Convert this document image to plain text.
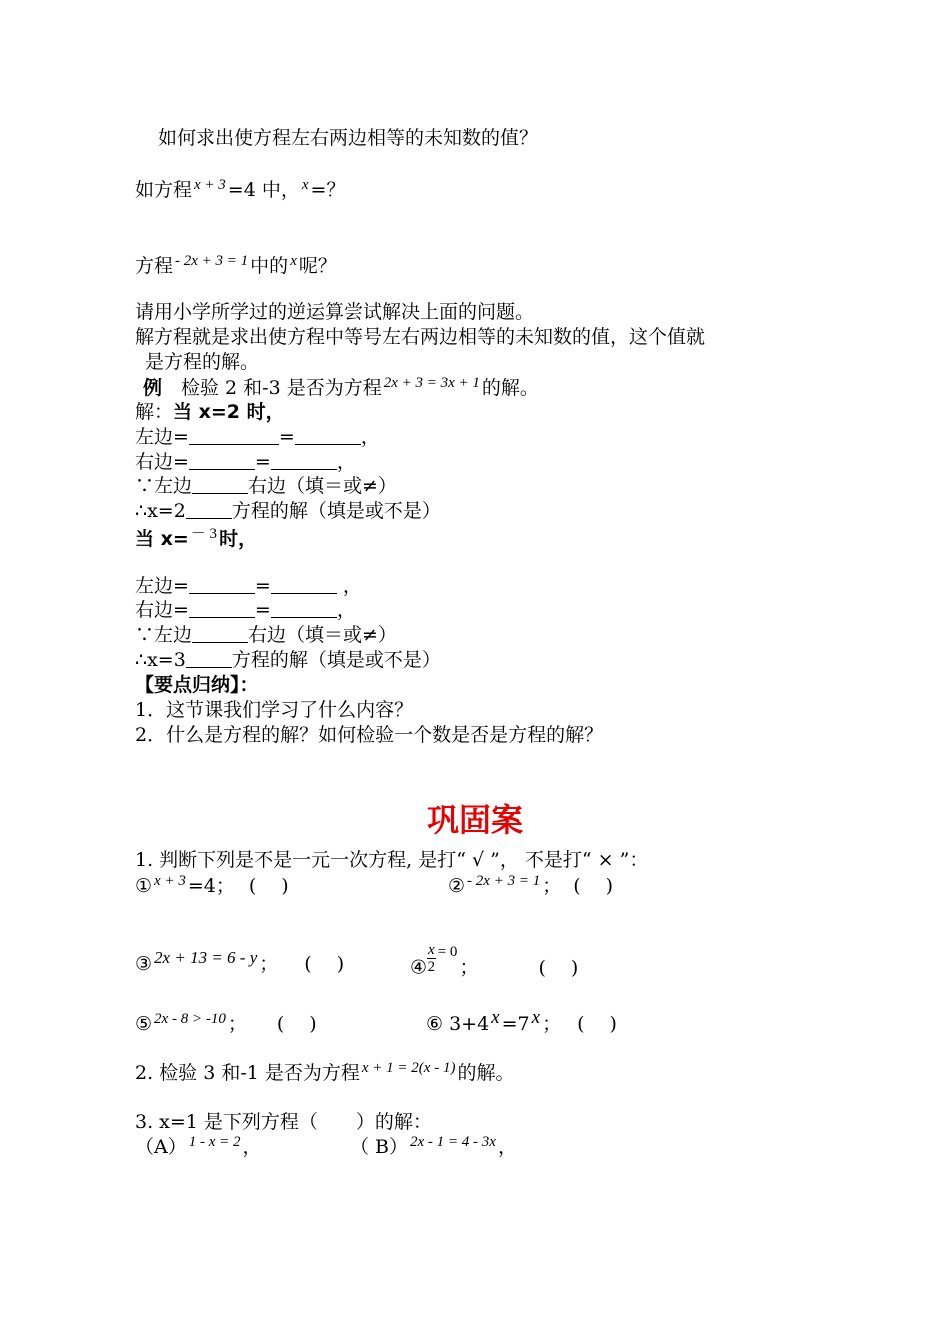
如何求出使方程左右两边相等的未知数的值？
如方程 $^{x + 3}$ =4 中， $^x$ =？
方程 $^{- 2x + 3 = 1}$ 中的 $^x$ 呢？
请用小学所学过的逆运算尝试解决上面的问题。
解方程就是求出使方程中等号左右两边相等的未知数的值，这个值就
是方程的解。
例　检验 2 和-3 是否为方程 $^{2x + 3 = 3x + 1}$ 的解。
解：当 x=2 时，
左边=	=	，
右边=	=	，
∵左边	右边（填＝或≠）
∴x=2 方程的解（填是或不是）
当 x= $^{- 3}$ 时，
左边=	=	，
右边=	=	，
∵左边	右边（填＝或≠）
∴x=3 方程的解（填是或不是）
【要点归纳】：
1．这节课我们学习了什么内容？
2．什么是方程的解？如何检验一个数是否是方程的解？
巩固案
1. 判断下列是不是一元一次方程, 是打“ √ ”， 不是打“ × ”：
① $^{x + 3}$ =4； (　 )	② $^{- 2x + 3 = 1}$ ； (　 )
③ 2x + 13 = 6 - y ； (　 )	④ $\frac{x}{2} ^{= 0}$；	(　 )
⑤ $^{2x - 8 > -10}$ ； (　 )	⑥ 3+4 x =7 x ； (　 )
2. 检验 3 和-1 是否为方程 $^{x + 1 = 2(x - 1)}$ 的解。
3. x=1 是下列方程（　　）的解：
（A） $^{1 - x = 2}$ ，	（ B） $^{2x - 1 = 4 - 3x}$ ，
